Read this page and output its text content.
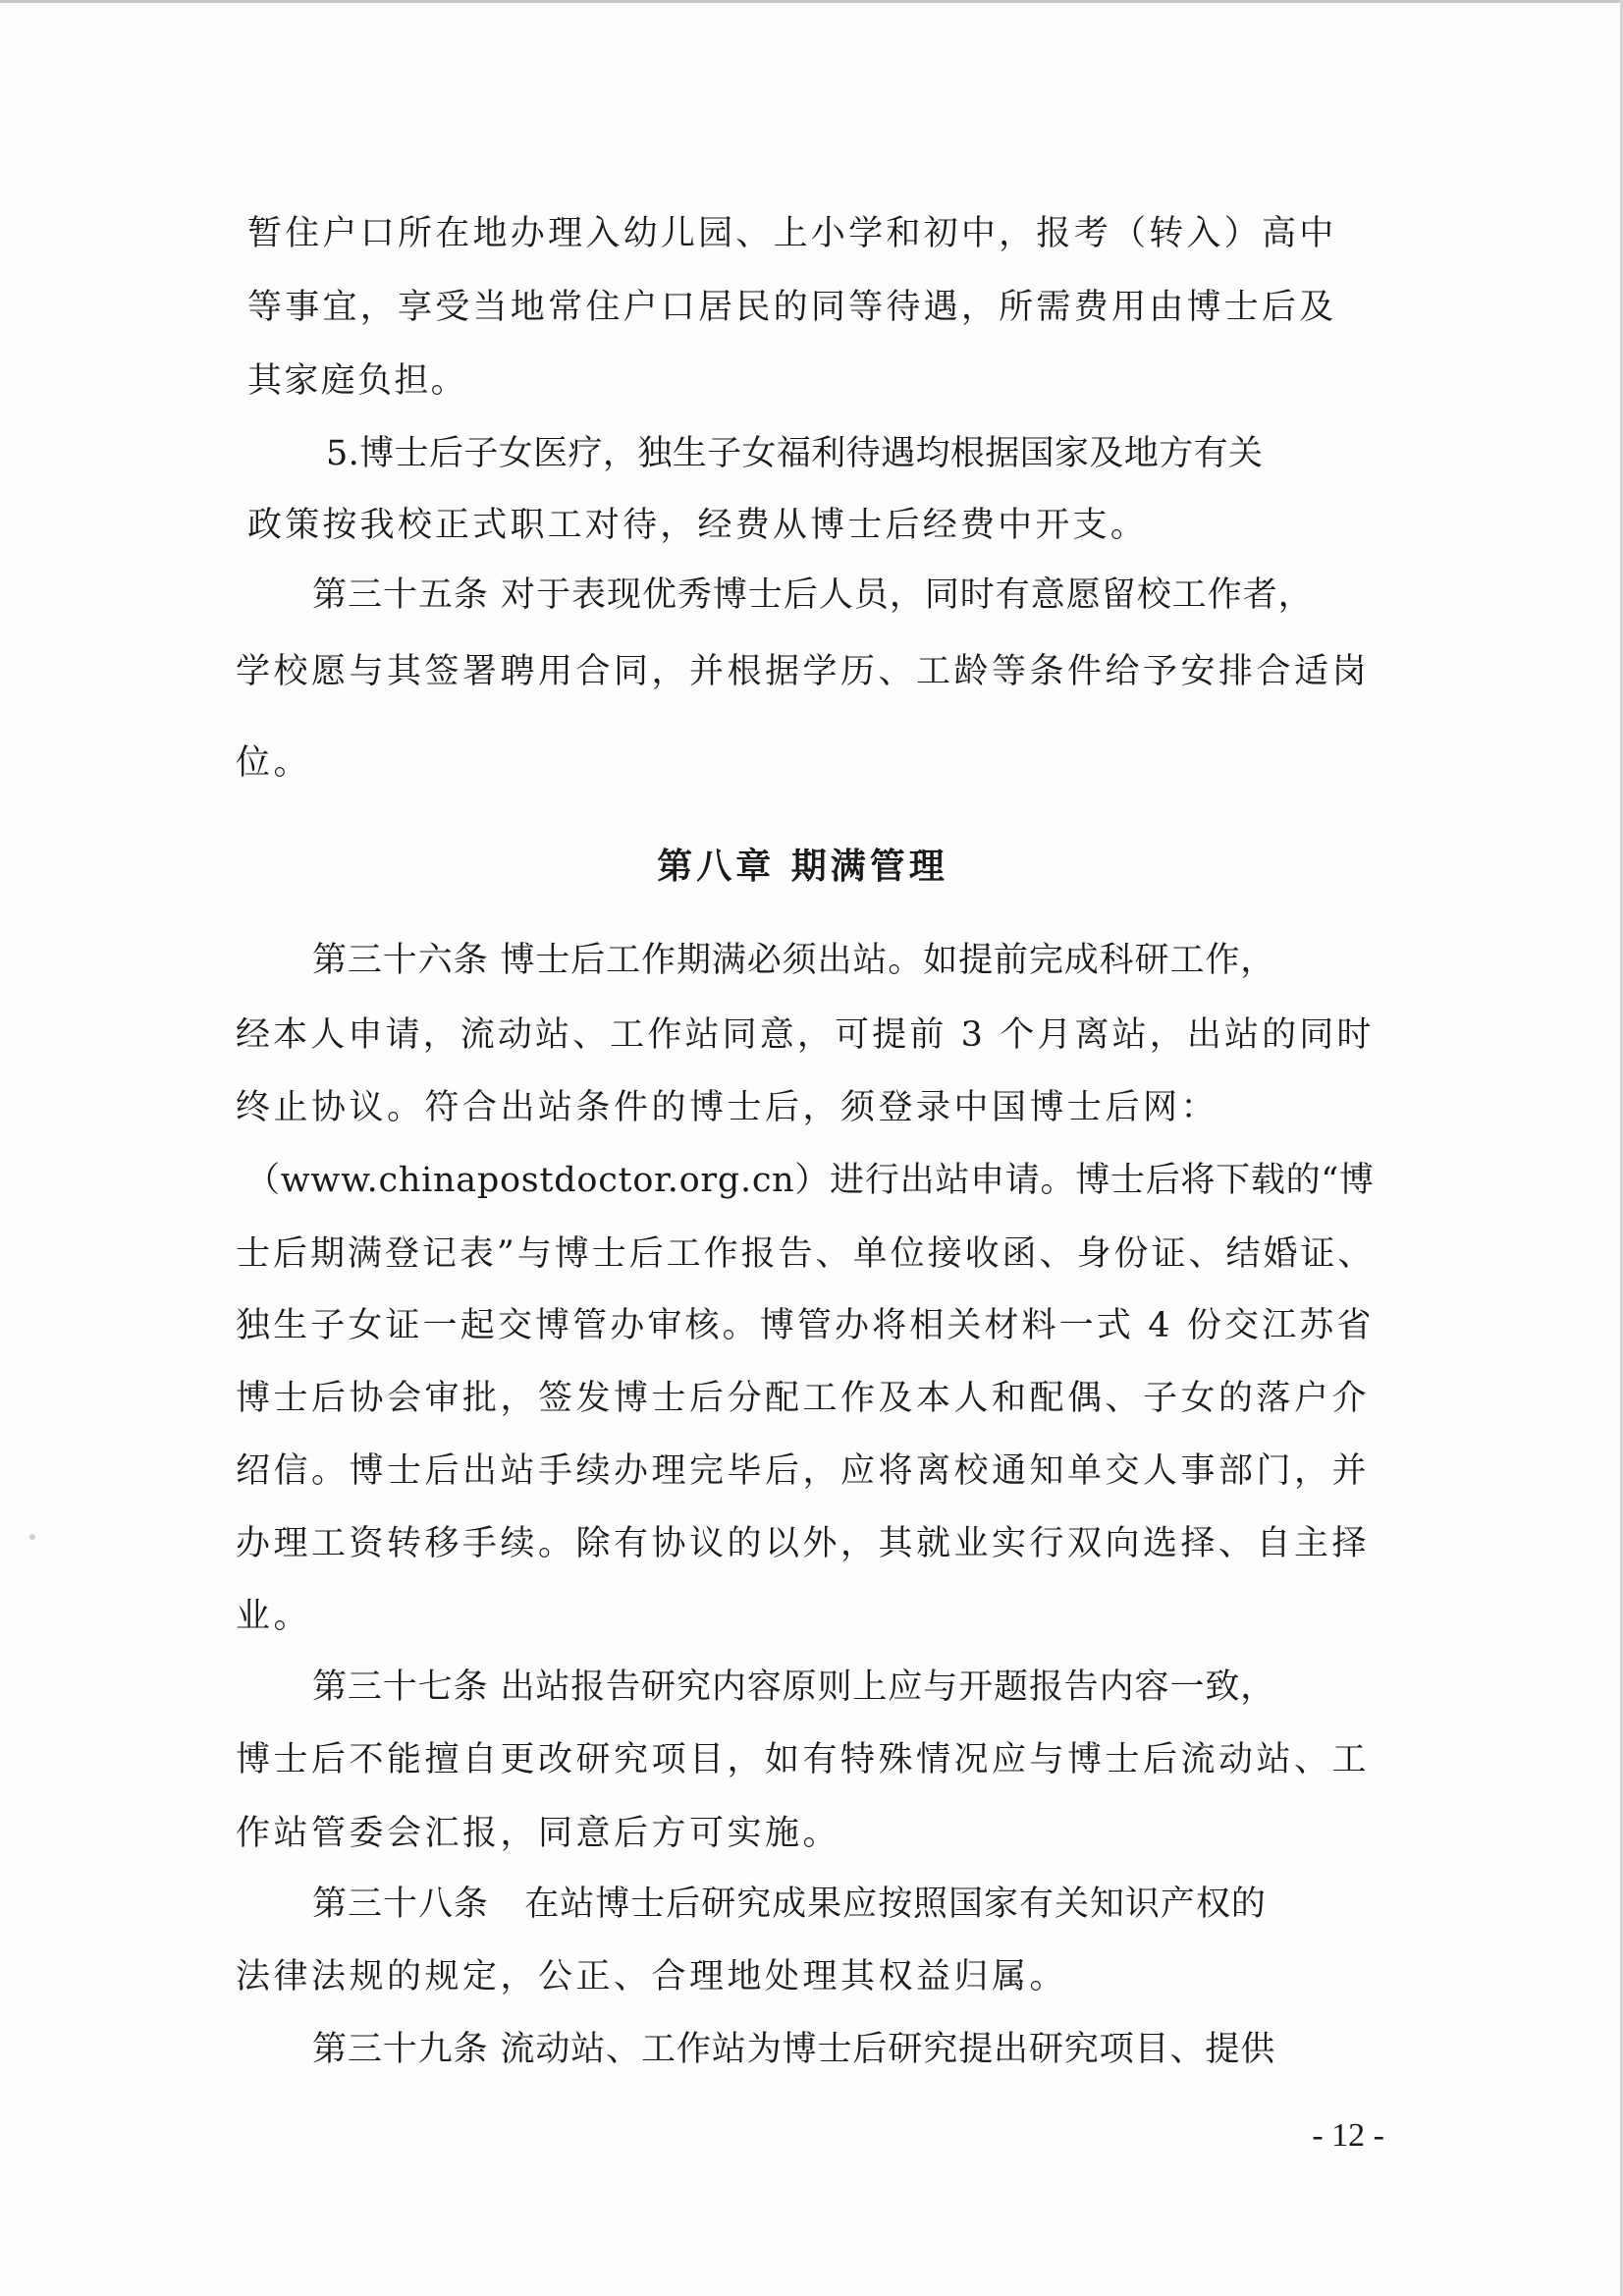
暂住户口所在地办理入幼儿园、上小学和初中，报考（转入）高中
等事宜，享受当地常住户口居民的同等待遇，所需费用由博士后及
其家庭负担。
5.博士后子女医疗，独生子女福利待遇均根据国家及地方有关
政策按我校正式职工对待，经费从博士后经费中开支。
第三十五条 对于表现优秀博士后人员，同时有意愿留校工作者，
学校愿与其签署聘用合同，并根据学历、工龄等条件给予安排合适岗
位。
第八章 期满管理
第三十六条 博士后工作期满必须出站。如提前完成科研工作，
经本人申请，流动站、工作站同意，可提前 3 个月离站，出站的同时
终止协议。符合出站条件的博士后，须登录中国博士后网：
（www.chinapostdoctor.org.cn）进行出站申请。博士后将下载的“博
士后期满登记表”与博士后工作报告、单位接收函、身份证、结婚证、
独生子女证一起交博管办审核。博管办将相关材料一式 4 份交江苏省
博士后协会审批，签发博士后分配工作及本人和配偶、子女的落户介
绍信。博士后出站手续办理完毕后，应将离校通知单交人事部门，并
办理工资转移手续。除有协议的以外，其就业实行双向选择、自主择
业。
第三十七条 出站报告研究内容原则上应与开题报告内容一致，
博士后不能擅自更改研究项目，如有特殊情况应与博士后流动站、工
作站管委会汇报，同意后方可实施。
第三十八条   在站博士后研究成果应按照国家有关知识产权的
法律法规的规定，公正、合理地处理其权益归属。
第三十九条 流动站、工作站为博士后研究提出研究项目、提供
- 12 -
